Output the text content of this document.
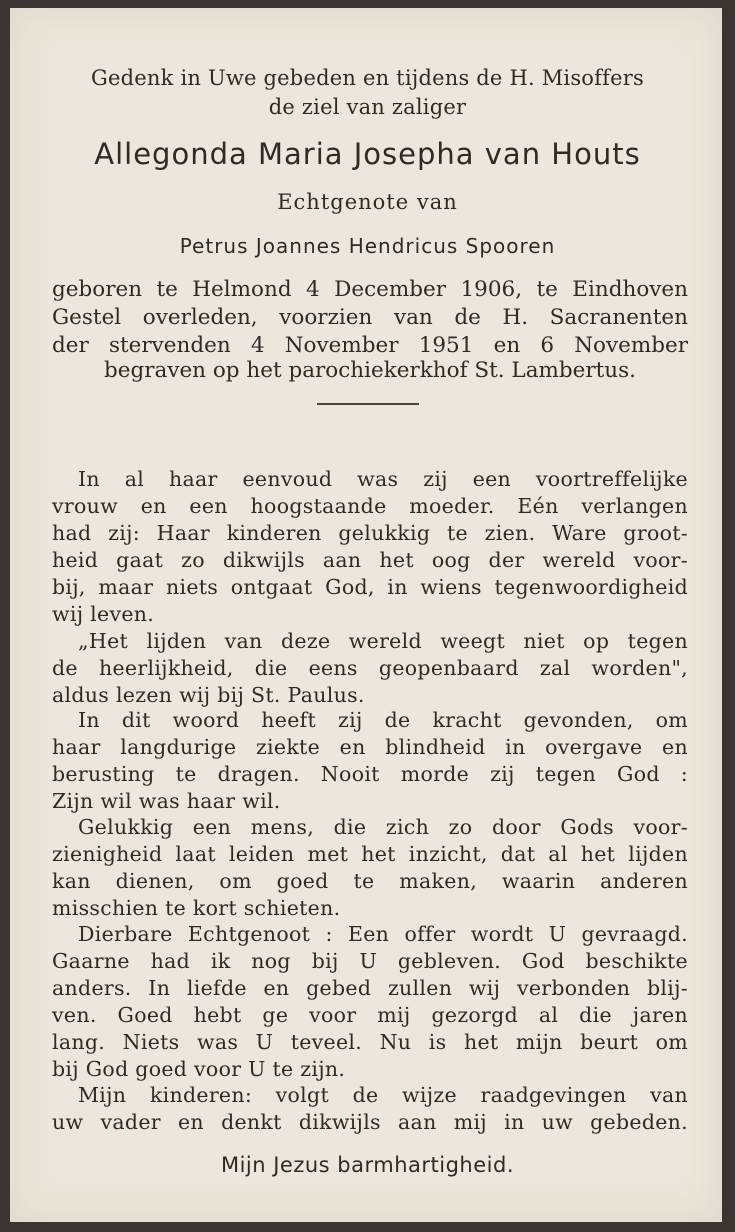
Gedenk in Uwe gebeden en tijdens de H. Misoffers
de ziel van zaliger
Allegonda Maria Josepha van Houts
Echtgenote van
Petrus Joannes Hendricus Spooren
geboren te Helmond 4 December 1906, te Eindhoven
Gestel overleden, voorzien van de H. Sacranenten
der stervenden 4 November 1951 en 6 November
begraven op het parochiekerkhof St. Lambertus.
In al haar eenvoud was zij een voortreffelijke
vrouw en een hoogstaande moeder. Eén verlangen
had zij: Haar kinderen gelukkig te zien. Ware groot-
heid gaat zo dikwijls aan het oog der wereld voor-
bij, maar niets ontgaat God, in wiens tegenwoordigheid
wij leven.
„Het lijden van deze wereld weegt niet op tegen
de heerlijkheid, die eens geopenbaard zal worden",
aldus lezen wij bij St. Paulus.
In dit woord heeft zij de kracht gevonden, om
haar langdurige ziekte en blindheid in overgave en
berusting te dragen. Nooit morde zij tegen God :
Zijn wil was haar wil.
Gelukkig een mens, die zich zo door Gods voor-
zienigheid laat leiden met het inzicht, dat al het lijden
kan dienen, om goed te maken, waarin anderen
misschien te kort schieten.
Dierbare Echtgenoot : Een offer wordt U gevraagd.
Gaarne had ik nog bij U gebleven. God beschikte
anders. In liefde en gebed zullen wij verbonden blij-
ven. Goed hebt ge voor mij gezorgd al die jaren
lang. Niets was U teveel. Nu is het mijn beurt om
bij God goed voor U te zijn.
Mijn kinderen: volgt de wijze raadgevingen van
uw vader en denkt dikwijls aan mij in uw gebeden.
Mijn Jezus barmhartigheid.
